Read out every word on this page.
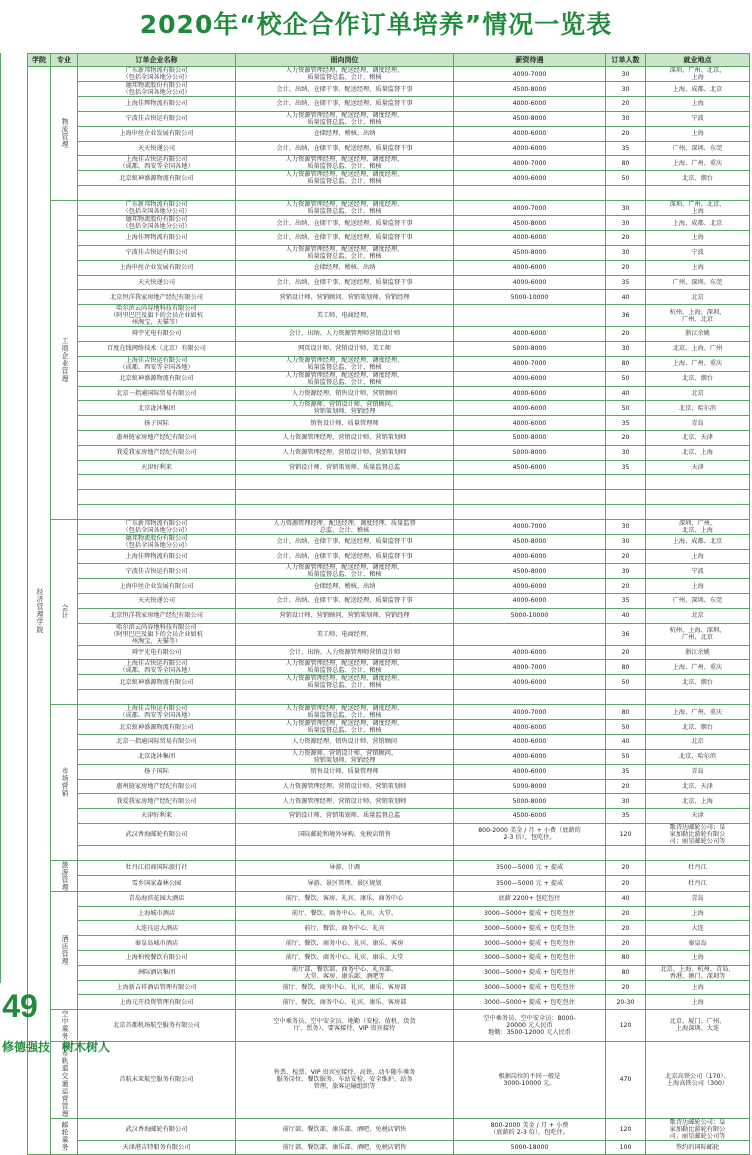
2020年“校企合作订单培养”情况一览表
学院	专业	订单企业名称	面向岗位	薪资待遇	订单人数	就业地点
经济管理学院	物流管理	广东新邦物流有限公司
（包括全国各地分公司）	人力资源管理经理、配送经理、调度经理、
质量监督总监、会计、稽核	4000-7000	30	深圳、广州、北京、
上海
		德邦物流股份有限公司
（包括全国各地分公司）	会计、出纳、仓储干事、配送经理、质量监督干事	4500-8000	30	上海、成都、北京
		上海佳辉物流有限公司	会计、出纳、仓储干事、配送经理、质量监督干事	4000-6000	20	上海
		宁波佳吉快运有限公司	人力资源管理经理、配送经理、调度经理、
质量监督总监、会计、稽核	4500-8000	30	宁波
		上海申丝企业发展有限公司	仓储经理、稽核、出纳	4000-6000	20	上海
		天天快递公司	会计、出纳、仓储干事、配送经理、质量监督干事	4000-6000	35	广州、深圳、东莞
		上海佳吉快运有限公司
（成都、西安等全国各地）	人力资源管理经理、配送经理、调度经理、
质量监督总监、会计、稽核	4000-7000	80	上海、广州、重庆
		北京蚁神盛源物流有限公司	人力资源管理经理、配送经理、调度经理、
质量监督总监、会计、稽核	4000-6000	50	北京、烟台

	工商企业管理	广东新邦物流有限公司
（包括全国各地分公司）	人力资源管理经理、配送经理、调度经理、
质量监督总监、会计、稽核	4000-7000	30	深圳、广州、北京、
上海
		德邦物流股份有限公司
（包括全国各地分公司）	会计、出纳、仓储干事、配送经理、质量监督干事	4500-8000	30	上海、成都、北京
		上海佳辉物流有限公司	会计、出纳、仓储干事、配送经理、质量监督干事	4000-6000	20	上海
		宁波佳吉快运有限公司	人力资源管理经理、配送经理、调度经理、
质量监督总监、会计、稽核	4500-8000	30	宁波
		上海申丝企业发展有限公司	仓储经理、稽核、出纳	4000-6000	20	上海
		天天快递公司	会计、出纳、仓储干事、配送经理、质量监督干事	4000-6000	35	广州、深圳、东莞
		北京恒洋我家房地产经纪有限公司	营销设计师、营销顾问、营销策划师、营销经理	5000-10000	40	北京
		哈尔滨云尚谷地科技有限公司
（阿里巴巴及旗下的会员企业如杭
州淘宝、天猫等）	美工师、电商经理、		36	杭州、上海、深圳、
广州、北京
		舜宇光电有限公司	会计、出纳、人力资源管理师营销设计师	4000-6000	20	浙江余姚
		百度在线网络技术（北京）有限公司	网页设计师、营销设计师、美工师	5000-8000	30	北京、上海、广州
		上海佳吉快运有限公司
（成都、西安等全国各地）	人力资源管理经理、配送经理、调度经理、
质量监督总监、会计、稽核	4000-7000	80	上海、广州、重庆
		北京蚁神盛源物流有限公司	人力资源管理经理、配送经理、调度经理、
质量监督总监、会计、稽核	4000-6000	50	北京、烟台
		北京一指通国际贸易有限公司	人力资源经理、销售设计师、营销顾问	4000-6000	40	北京
		北京泷沐集团	人力资源师、营销设计师、营销顾问、
营销策划师、营销经理	4000-6000	50	北京、哈尔滨
		扬子国际	销售设计师、质量管理师	4000-6000	35	青岛
		惠州链家房地产经纪有限公司	人力资源管理经理、营销设计师、营销策划师	5000-8000	20	北京、天津
		我爱我家房地产经纪有限公司	人力资源管理经理、营销设计师、营销策划师	5000-8000	30	北京、上海
		天津好利来	营销设计师、营销策划师、质量监督总监	4500-6000	35	天津

	会计	广东新邦物流有限公司
（包括全国各地分公司）	人力资源管理经理、配送经理、调度经理、质量监督
总监、会计、稽核	4000-7000	30	深圳、广州、
北京、上海
		德邦物流股份有限公司
（包括全国各地分公司）	会计、出纳、仓储干事、配送经理、质量监督干事	4500-8000	30	上海、成都、北京
		上海佳辉物流有限公司	会计、出纳、仓储干事、配送经理、质量监督干事	4000-6000	20	上海
		宁波佳吉快运有限公司	人力资源管理经理、配送经理、调度经理、
质量监督总监、会计、稽核	4500-8000	30	宁波
		上海申丝企业发展有限公司	仓储经理、稽核、出纳	4000-6000	20	上海
		天天快递公司	会计、出纳、仓储干事、配送经理、质量监督干事	4000-6000	35	广州、深圳、东莞
		北京恒洋我家房地产经纪有限公司	营销设计师、营销顾问、营销策划师、营销经理	5000-10000	40	北京
		哈尔滨云尚谷地科技有限公司
（阿里巴巴及旗下的会员企业如杭
州淘宝、天猫等）	美工师、电商经理、		36	杭州、上海、深圳、
广州、北京
		舜宇光电有限公司	会计、出纳、人力资源管理师营销设计师	4000-6000	20	浙江余姚
		上海佳吉快运有限公司
（成都、西安等全国各地）	人力资源管理经理、配送经理、调度经理、
质量监督总监、会计、稽核	4000-7000	80	上海、广州、重庆
		北京蚁神盛源物流有限公司	人力资源管理经理、配送经理、调度经理、
质量监督总监、会计、稽核	4000-6000	50	北京、烟台

	市场营销	上海佳吉快运有限公司
（成都、西安等全国各地）	人力资源管理经理、配送经理、调度经理、
质量监督总监、会计、稽核	4000-7000	80	上海、广州、重庆
		北京蚁神盛源物流有限公司	人力资源管理经理、配送经理、调度经理、
质量监督总监、会计、稽核	4000-6000	50	北京、烟台
		北京一指通国际贸易有限公司	人力资源经理、销售设计师、营销顾问	4000-6000	40	北京
		北京泷沐集团	人力资源师、营销设计师、营销顾问、
营销策划师、营销经理	4000-6000	50	北京、哈尔滨
		扬子国际	销售设计师、质量管理师	4000-6000	35	青岛
		惠州链家房地产经纪有限公司	人力资源管理经理、营销设计师、营销策划师	5000-8000	20	北京、天津
		我爱我家房地产经纪有限公司	人力资源管理经理、营销设计师、营销策划师	5000-8000	30	北京、上海
		天津好利来	营销设计师、营销策划师、质量监督总监	4500-6000	35	天津
		武汉香海邮轮有限公司	国际邮轮和境外导购、免税店销售	800-2000 美金 / 月 + 小费（底薪的
2-3 倍），包吃住。	120	歌诗达邮轮公司；皇
家加勒比游轮有限公
司；丽星邮轮公司等

	旅游管理	牡丹江招商国际旅行社	导游、计调	3500—5000 元 + 提成	20	牡丹江
		雪乡国家森林公园	导游、景区管理、景区规划	3500—5000 元 + 提成	20	牡丹江
	酒店管理	青岛海滨花园大酒店	前厅、餐饮、客房、礼宾、康乐、商务中心	底薪 2200+ 包吃包住	40	青岛
		上海城市酒店	前厅、餐饮、商务中心、礼宾、大堂、	3000—5000+ 提成 + 包吃包住	20	上海
		大连良运大酒店	前厅、餐饮、商务中心、礼宾	3000—5000+ 提成 + 包吃包住	20	大连
		秦皇岛城市酒店	前厅、餐饮、商务中心、礼宾、康乐、客房	3000—5000+ 提成 + 包吃包住	20	秦皇岛
		上海柏悦餐饮有限公司	前厅、餐饮、商务中心、礼宾、康乐、大堂	3000—5000+ 提成 + 包吃包住	80	上海
		洲际酒店集团	前厅部、餐饮部、商务中心、礼宾部、
大堂、客房、康乐部、酒吧等	3000—5000+ 提成 + 包吃包住	80	北京、上海、杭州、青岛、
香港、澳门、深圳等
		上海新吉祥酒店管理有限公司	前厅、餐饮、商务中心、礼宾、康乐、客房部	3000—5000+ 提成 + 包吃包住	20	上海
		上海元开投资管理有限公司	前厅、餐饮、商务中心、礼宾、康乐、客房部	3000—5000+ 提成 + 包吃包住	20-30	上海
	空中乘务	北京首都机场航空服务有限公司	空中乘务员、空中安全员、地勤（安检、值机、货货
厅、票务）、要客接待、VIP 贵宾接待	空中乘务员、空中安全员：8000-
20000 元人民币
地勤：3500-12000 元人民币	120	北京、厦门、广州、
上海深圳、大连
	城市轨道交通运营管理	首航未来航空服务有限公司	售票、检票、VIP 贵宾室接待、高铁、动车随车乘务
服务岗位、餐饮服务、车站安检、安全维护、站务
管理、旅客运输组织等	根据岗位的不同一般是
3000-10000 元。	470	北京高铁公司（170）、
上海高铁公司（300）
	邮轮乘务	武汉香海邮轮有限公司	前厅部、餐饮部、康乐部、酒吧、免税店销售	800-2000 美金 / 月 + 小费
（底薪的 2-3 倍），包吃住。	120	歌诗达邮轮公司；皇
家加勒比游轮有限公
司；丽星邮轮公司等
		天津港吉特船务有限公司	前厅部、餐饮部、康乐部、酒吧、免税店销售	5000-18000	100	签约的国际邮轮
49
修德强技　树木树人
